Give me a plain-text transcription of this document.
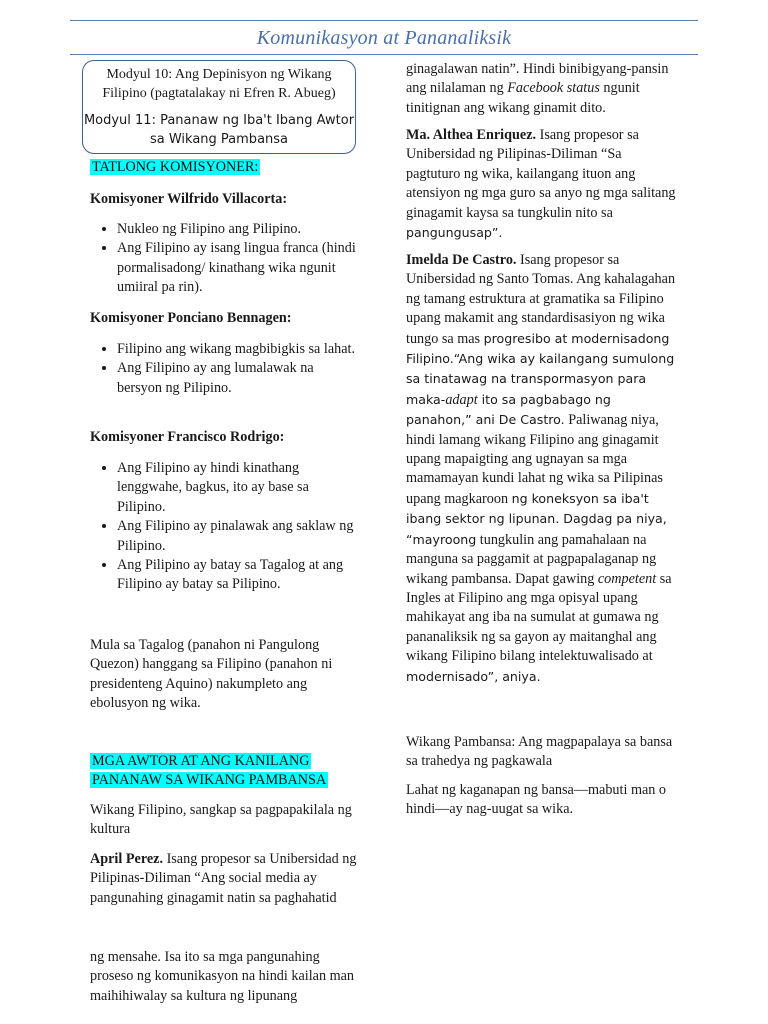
Komunikasyon at Pananaliksik

Modyul 10: Ang Depinisyon ng Wikang Filipino (pagtatalakay ni Efren R. Abueg)

Modyul 11: Pananaw ng Iba't Ibang Awtor sa Wikang Pambansa

TATLONG KOMISYONER:

Komisyoner Wilfrido Villacorta:

• Nukleo ng Filipino ang Pilipino.
• Ang Filipino ay isang lingua franca (hindi pormalisadong/ kinathang wika ngunit umiiral pa rin).

Komisyoner Ponciano Bennagen:

• Filipino ang wikang magbibigkis sa lahat.
• Ang Filipino ay ang lumalawak na bersyon ng Pilipino.

Komisyoner Francisco Rodrigo:

• Ang Filipino ay hindi kinathang lenggwahe, bagkus, ito ay base sa Pilipino.
• Ang Filipino ay pinalawak ang saklaw ng Pilipino.
• Ang Pilipino ay batay sa Tagalog at ang Filipino ay batay sa Pilipino.

Mula sa Tagalog (panahon ni Pangulong Quezon) hanggang sa Filipino (panahon ni presidenteng Aquino) nakumpleto ang ebolusyon ng wika.

MGA AWTOR AT ANG KANILANG PANANAW SA WIKANG PAMBANSA

Wikang Filipino, sangkap sa pagpapakilala ng kultura

April Perez. Isang propesor sa Unibersidad ng Pilipinas-Diliman “Ang social media ay pangunahing ginagamit natin sa paghahatid

ng mensahe. Isa ito sa mga pangunahing proseso ng komunikasyon na hindi kailan man maihihiwalay sa kultura ng lipunang

ginagalawan natin”. Hindi binibigyang-pansin ang nilalaman ng Facebook status ngunit tinitignan ang wikang ginamit dito.

Ma. Althea Enriquez. Isang propesor sa Unibersidad ng Pilipinas-Diliman “Sa pagtuturo ng wika, kailangang ituon ang atensiyon ng mga guro sa anyo ng mga salitang ginagamit kaysa sa tungkulin nito sa pangungusap”.

Imelda De Castro. Isang propesor sa Unibersidad ng Santo Tomas. Ang kahalagahan ng tamang estruktura at gramatika sa Filipino upang makamit ang standardisasiyon ng wika tungo sa mas progresibo at modernisadong Filipino.“Ang wika ay kailangang sumulong sa tinatawag na transpormasyon para maka-adapt ito sa pagbabago ng panahon,” ani De Castro. Paliwanag niya, hindi lamang wikang Filipino ang ginagamit upang mapaigting ang ugnayan sa mga mamamayan kundi lahat ng wika sa Pilipinas upang magkaroon ng koneksyon sa iba't ibang sektor ng lipunan. Dagdag pa niya, “mayroong tungkulin ang pamahalaan na manguna sa paggamit at pagpapalaganap ng wikang pambansa. Dapat gawing competent sa Ingles at Filipino ang mga opisyal upang mahikayat ang iba na sumulat at gumawa ng pananaliksik ng sa gayon ay maitanghal ang wikang Filipino bilang intelektuwalisado at modernisado”, aniya.

Wikang Pambansa: Ang magpapalaya sa bansa sa trahedya ng pagkawala

Lahat ng kaganapan ng bansa—mabuti man o hindi—ay nag-uugat sa wika.
